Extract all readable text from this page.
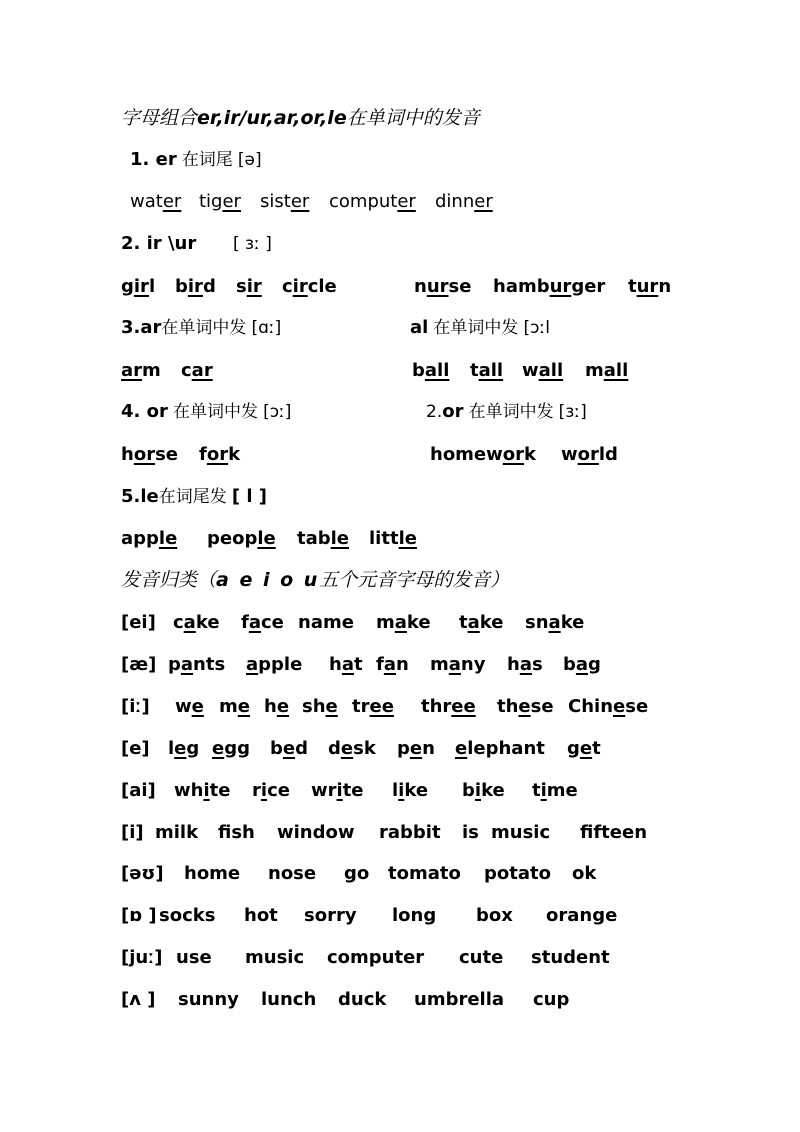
字母组合er,ir/ur,ar,or,le在单词中的发音
1. er 在词尾 [ə]
water tiger sister computer dinner
2. ir \ur [ ɜː ]
girl bird sir circle	nurse hamburger turn
3.ar在单词中发 [ɑː]	al 在单词中发 [ɔːl
arm car	ball tall wall mall
4. or 在单词中发 [ɔː]	2.or 在单词中发 [ɜː]
horse fork	homework world
5.le在词尾发 [ l ]
apple people table little
发音归类（a e i o u五个元音字母的发音）
[ei] cake face name make take snake
[æ] pants apple hat fan many has bag
[iː] we me he she tree three these Chinese
[e] leg egg bed desk pen elephant get
[ai] white rice write like bike time
[i] milk fish window rabbit is music fifteen
[əʊ] home nose go tomato potato ok
[ɒ ] socks hot sorry long box orange
[juː] use music computer cute student
[ʌ ] sunny lunch duck umbrella cup
